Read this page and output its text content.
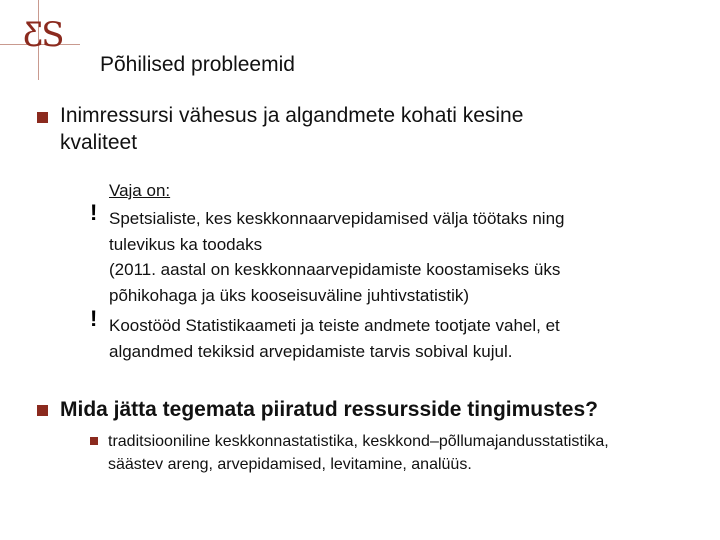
ƸS
Põhilised probleemid
Inimressursi vähesus ja algandmete kohati kesine
kvaliteet
Vaja on:
! Spetsialiste, kes keskkonnaarvepidamised välja töötaks ning
tulevikus ka toodaks
(2011. aastal on keskkonnaarvepidamiste koostamiseks üks
põhikohaga ja üks kooseisuväline juhtivstatistik)
! Koostööd Statistikaameti ja teiste andmete tootjate vahel, et
algandmed tekiksid arvepidamiste tarvis sobival kujul.
Mida jätta tegemata piiratud ressursside tingimustes?
traditsiooniline keskkonnastatistika, keskkond–põllumajandusstatistika,
säästev areng, arvepidamised, levitamine, analüüs.
